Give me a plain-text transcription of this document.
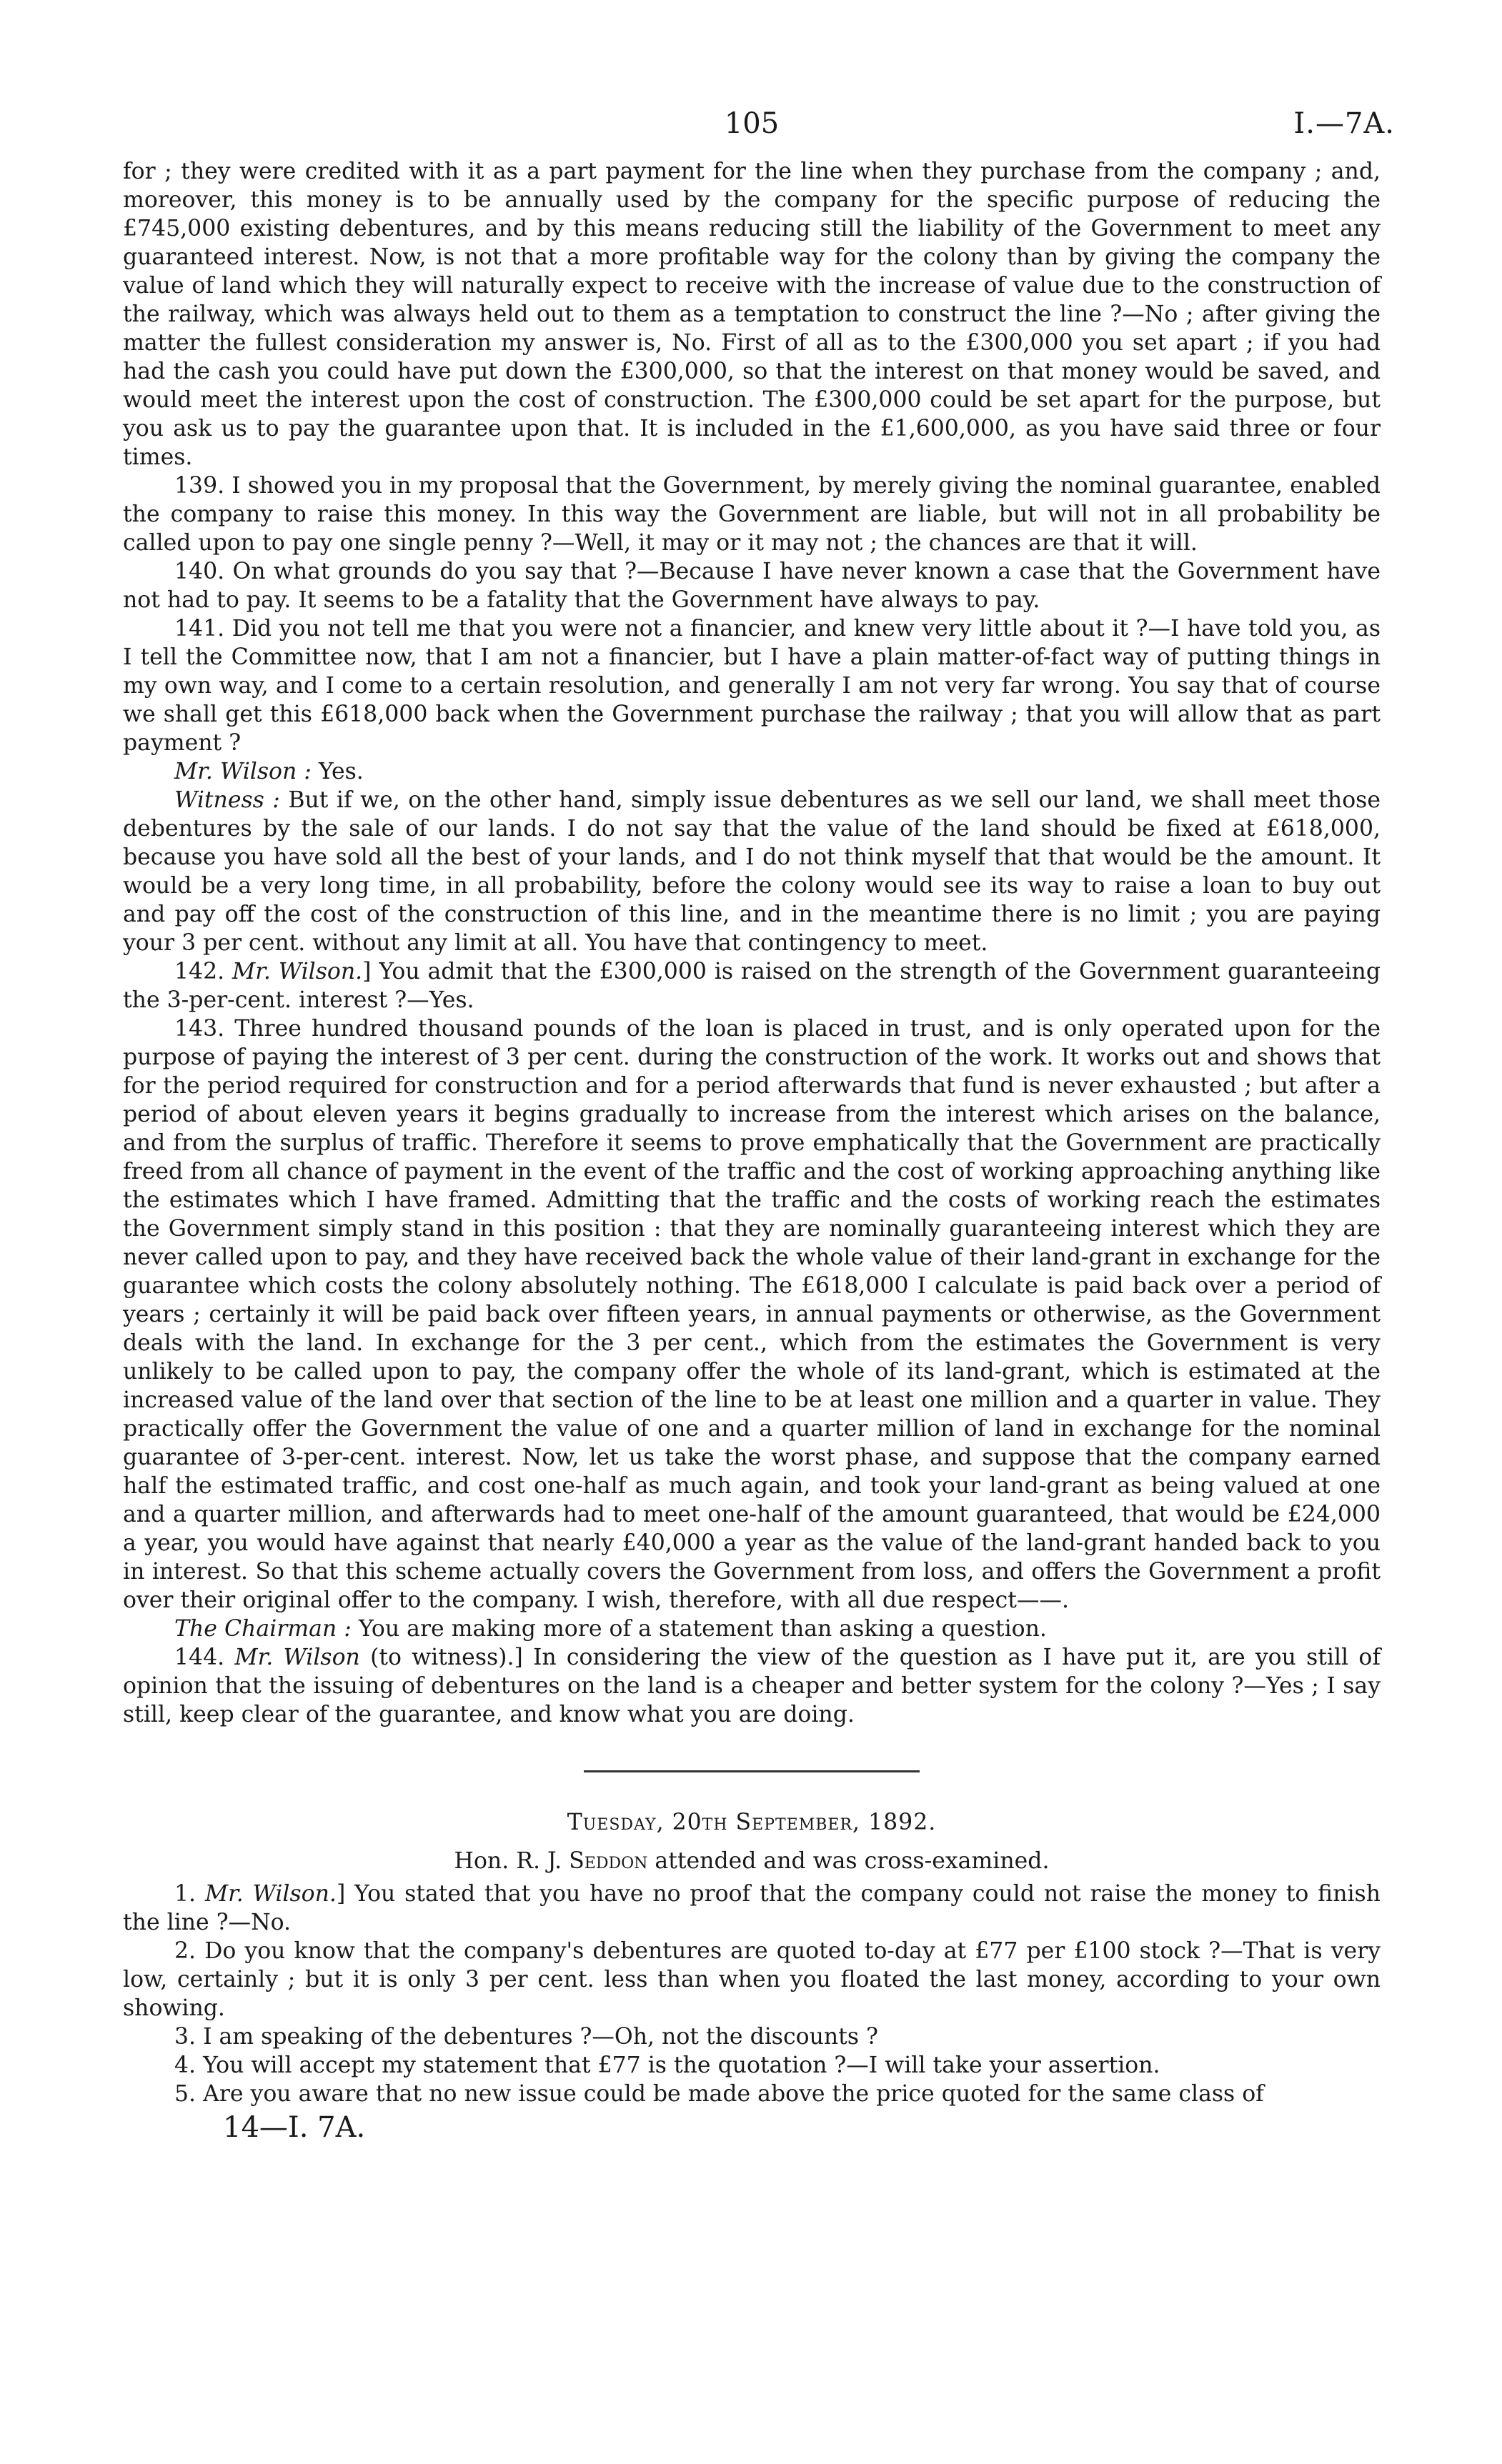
105	I.—7A.

for ; they were credited with it as a part payment for the line when they purchase from the company ; and, moreover, this money is to be annually used by the company for the specific purpose of reducing the £745,000 existing debentures, and by this means reducing still the liability of the Government to meet any guaranteed interest. Now, is not that a more profitable way for the colony than by giving the company the value of land which they will naturally expect to receive with the increase of value due to the construction of the railway, which was always held out to them as a temptation to construct the line ?—No ; after giving the matter the fullest consideration my answer is, No. First of all as to the £300,000 you set apart ; if you had had the cash you could have put down the £300,000, so that the interest on that money would be saved, and would meet the interest upon the cost of construction. The £300,000 could be set apart for the purpose, but you ask us to pay the guarantee upon that. It is included in the £1,600,000, as you have said three or four times.

139. I showed you in my proposal that the Government, by merely giving the nominal guarantee, enabled the company to raise this money. In this way the Government are liable, but will not in all probability be called upon to pay one single penny ?—Well, it may or it may not ; the chances are that it will.

140. On what grounds do you say that ?—Because I have never known a case that the Government have not had to pay. It seems to be a fatality that the Government have always to pay.

141. Did you not tell me that you were not a financier, and knew very little about it ?—I have told you, as I tell the Committee now, that I am not a financier, but I have a plain matter-of-fact way of putting things in my own way, and I come to a certain resolution, and generally I am not very far wrong. You say that of course we shall get this £618,000 back when the Government purchase the railway ; that you will allow that as part payment ?

Mr. Wilson : Yes.

Witness : But if we, on the other hand, simply issue debentures as we sell our land, we shall meet those debentures by the sale of our lands. I do not say that the value of the land should be fixed at £618,000, because you have sold all the best of your lands, and I do not think myself that that would be the amount. It would be a very long time, in all probability, before the colony would see its way to raise a loan to buy out and pay off the cost of the construction of this line, and in the meantime there is no limit ; you are paying your 3 per cent. without any limit at all. You have that contingency to meet.

142. Mr. Wilson.] You admit that the £300,000 is raised on the strength of the Government guaranteeing the 3-per-cent. interest ?—Yes.

143. Three hundred thousand pounds of the loan is placed in trust, and is only operated upon for the purpose of paying the interest of 3 per cent. during the construction of the work. It works out and shows that for the period required for construction and for a period afterwards that fund is never exhausted ; but after a period of about eleven years it begins gradually to increase from the interest which arises on the balance, and from the surplus of traffic. Therefore it seems to prove emphatically that the Government are practically freed from all chance of payment in the event of the traffic and the cost of working approaching anything like the estimates which I have framed. Admitting that the traffic and the costs of working reach the estimates the Government simply stand in this position : that they are nominally guaranteeing interest which they are never called upon to pay, and they have received back the whole value of their land-grant in exchange for the guarantee which costs the colony absolutely nothing. The £618,000 I calculate is paid back over a period of years ; certainly it will be paid back over fifteen years, in annual payments or otherwise, as the Government deals with the land. In exchange for the 3 per cent., which from the estimates the Government is very unlikely to be called upon to pay, the company offer the whole of its land-grant, which is estimated at the increased value of the land over that section of the line to be at least one million and a quarter in value. They practically offer the Government the value of one and a quarter million of land in exchange for the nominal guarantee of 3-per-cent. interest. Now, let us take the worst phase, and suppose that the company earned half the estimated traffic, and cost one-half as much again, and took your land-grant as being valued at one and a quarter million, and afterwards had to meet one-half of the amount guaranteed, that would be £24,000 a year, you would have against that nearly £40,000 a year as the value of the land-grant handed back to you in interest. So that this scheme actually covers the Government from loss, and offers the Government a profit over their original offer to the company. I wish, therefore, with all due respect——.

The Chairman : You are making more of a statement than asking a question.

144. Mr. Wilson (to witness).] In considering the view of the question as I have put it, are you still of opinion that the issuing of debentures on the land is a cheaper and better system for the colony ?—Yes ; I say still, keep clear of the guarantee, and know what you are doing.

Tuesday, 20th September, 1892.
Hon. R. J. Seddon attended and was cross-examined.

1. Mr. Wilson.] You stated that you have no proof that the company could not raise the money to finish the line ?—No.

2. Do you know that the company's debentures are quoted to-day at £77 per £100 stock ?—That is very low, certainly ; but it is only 3 per cent. less than when you floated the last money, according to your own showing.

3. I am speaking of the debentures ?—Oh, not the discounts ?

4. You will accept my statement that £77 is the quotation ?—I will take your assertion.

5. Are you aware that no new issue could be made above the price quoted for the same class of

14—I. 7A.
